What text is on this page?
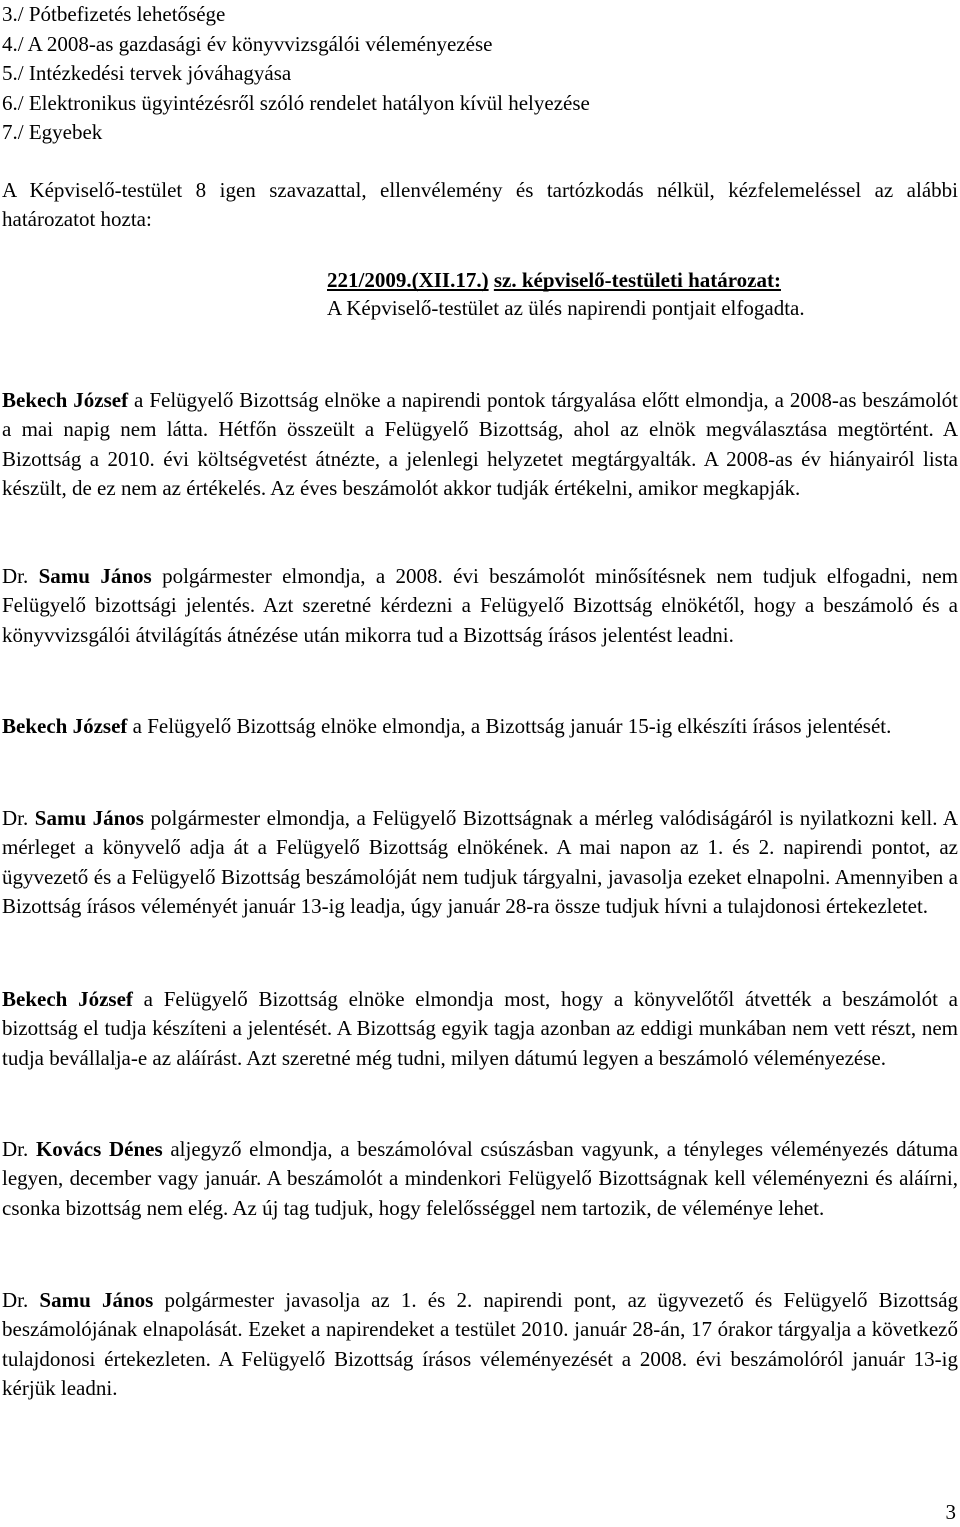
3./ Pótbefizetés lehetősége
4./ A 2008-as gazdasági év könyvvizsgálói véleményezése
5./ Intézkedési tervek jóváhagyása
6./ Elektronikus ügyintézésről szóló rendelet hatályon kívül helyezése
7./ Egyebek
A Képviselő-testület 8 igen szavazattal, ellenvélemény és tartózkodás nélkül, kézfelemeléssel az alábbi határozatot hozta:
221/2009.(XII.17.) sz. képviselő-testületi határozat:
A Képviselő-testület az ülés napirendi pontjait elfogadta.
Bekech József a Felügyelő Bizottság elnöke a napirendi pontok tárgyalása előtt elmondja, a 2008-as beszámolót a mai napig nem látta. Hétfőn összeült a Felügyelő Bizottság, ahol az elnök megválasztása megtörtént. A Bizottság a 2010. évi költségvetést átnézte, a jelenlegi helyzetet megtárgyalták. A 2008-as év hiányairól lista készült, de ez nem az értékelés. Az éves beszámolót akkor tudják értékelni, amikor megkapják.
Dr. Samu János polgármester elmondja, a 2008. évi beszámolót minősítésnek nem tudjuk elfogadni, nem Felügyelő bizottsági jelentés. Azt szeretné kérdezni a Felügyelő Bizottság elnökétől, hogy a beszámoló és a könyvvizsgálói átvilágítás átnézése után mikorra tud a Bizottság írásos jelentést leadni.
Bekech József a Felügyelő Bizottság elnöke elmondja, a Bizottság január 15-ig elkészíti írásos jelentését.
Dr. Samu János polgármester elmondja, a Felügyelő Bizottságnak a mérleg valódiságáról is nyilatkozni kell. A mérleget a könyvelő adja át a Felügyelő Bizottság elnökének. A mai napon az 1. és 2. napirendi pontot, az ügyvezető és a Felügyelő Bizottság beszámolóját nem tudjuk tárgyalni, javasolja ezeket elnapolni. Amennyiben a Bizottság írásos véleményét január 13-ig leadja, úgy január 28-ra össze tudjuk hívni a tulajdonosi értekezletet.
Bekech József a Felügyelő Bizottság elnöke elmondja most, hogy a könyvelőtől átvették a beszámolót a bizottság el tudja készíteni a jelentését. A Bizottság egyik tagja azonban az eddigi munkában nem vett részt, nem tudja bevállalja-e az aláírást. Azt szeretné még tudni, milyen dátumú legyen a beszámoló véleményezése.
Dr. Kovács Dénes aljegyző elmondja, a beszámolóval csúszásban vagyunk, a tényleges véleményezés dátuma legyen, december vagy január. A beszámolót a mindenkori Felügyelő Bizottságnak kell véleményezni és aláírni, csonka bizottság nem elég. Az új tag tudjuk, hogy felelősséggel nem tartozik, de véleménye lehet.
Dr. Samu János polgármester javasolja az 1. és 2. napirendi pont, az ügyvezető és Felügyelő Bizottság beszámolójának elnapolását. Ezeket a napirendeket a testület 2010. január 28-án, 17 órakor tárgyalja a következő tulajdonosi értekezleten. A Felügyelő Bizottság írásos véleményezését a 2008. évi beszámolóról január 13-ig kérjük leadni.
3
